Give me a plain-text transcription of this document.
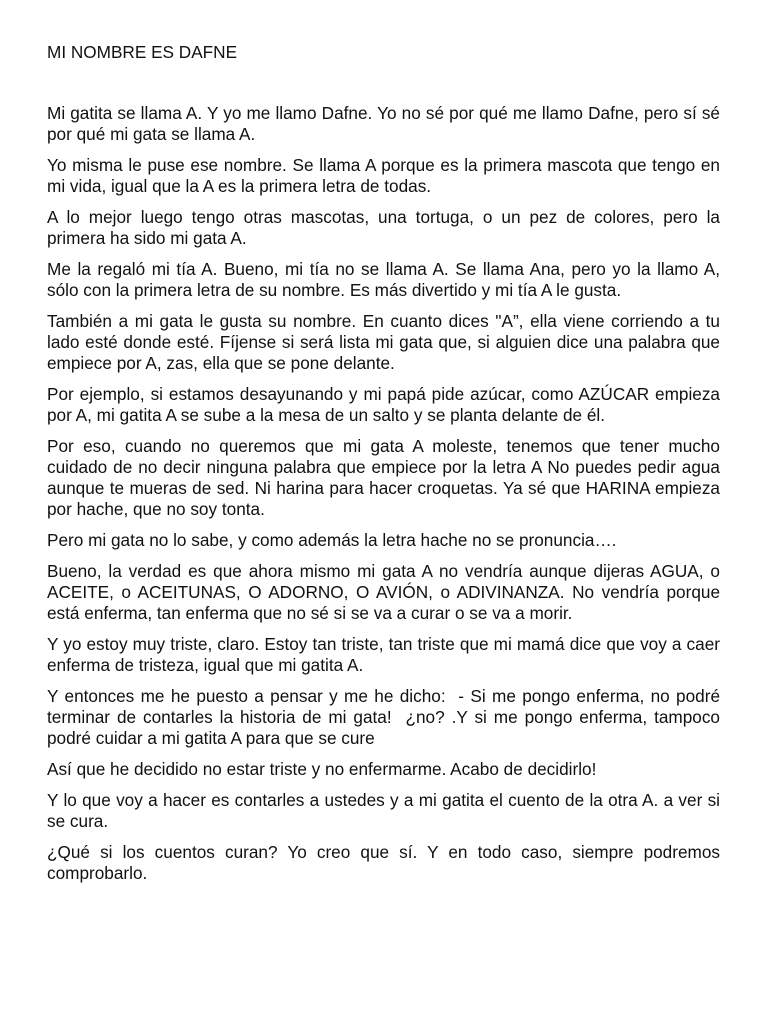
MI NOMBRE ES DAFNE

Mi gatita se llama A. Y yo me llamo Dafne. Yo no sé por qué me llamo Dafne, pero sí sé por qué mi gata se llama A.

Yo misma le puse ese nombre. Se llama A porque es la primera mascota que tengo en mi vida, igual que la A es la primera letra de todas.

A lo mejor luego tengo otras mascotas, una tortuga, o un pez de colores, pero la primera ha sido mi gata A.

Me la regaló mi tía A. Bueno, mi tía no se llama A. Se llama Ana, pero yo la llamo A, sólo con la primera letra de su nombre. Es más divertido y mi tía A le gusta.

También a mi gata le gusta su nombre. En cuanto dices "A”, ella viene corriendo a tu lado esté donde esté. Fíjense si será lista mi gata que, si alguien dice una palabra que empiece por A, zas, ella que se pone delante.

Por ejemplo, si estamos desayunando y mi papá pide azúcar, como AZÚCAR empieza por A, mi gatita A se sube a la mesa de un salto y se planta delante de él.

Por eso, cuando no queremos que mi gata A moleste, tenemos que tener mucho cuidado de no decir ninguna palabra que empiece por la letra A No puedes pedir agua aunque te mueras de sed. Ni harina para hacer croquetas. Ya sé que HARINA empieza por hache, que no soy tonta.

Pero mi gata no lo sabe, y como además la letra hache no se pronuncia….

Bueno, la verdad es que ahora mismo mi gata A no vendría aunque dijeras AGUA, o ACEITE, o ACEITUNAS, O ADORNO, O AVIÓN, o ADIVINANZA. No vendría porque está enferma, tan enferma que no sé si se va a curar o se va a morir.

Y yo estoy muy triste, claro. Estoy tan triste, tan triste que mi mamá dice que voy a caer enferma de tristeza, igual que mi gatita A.

Y entonces me he puesto a pensar y me he dicho:  - Si me pongo enferma, no podré terminar de contarles la historia de mi gata!  ¿no? .Y si me pongo enferma, tampoco podré cuidar a mi gatita A para que se cure

Así que he decidido no estar triste y no enfermarme. Acabo de decidirlo!

Y lo que voy a hacer es contarles a ustedes y a mi gatita el cuento de la otra A. a ver si se cura.

¿Qué si los cuentos curan? Yo creo que sí. Y en todo caso, siempre podremos comprobarlo.
